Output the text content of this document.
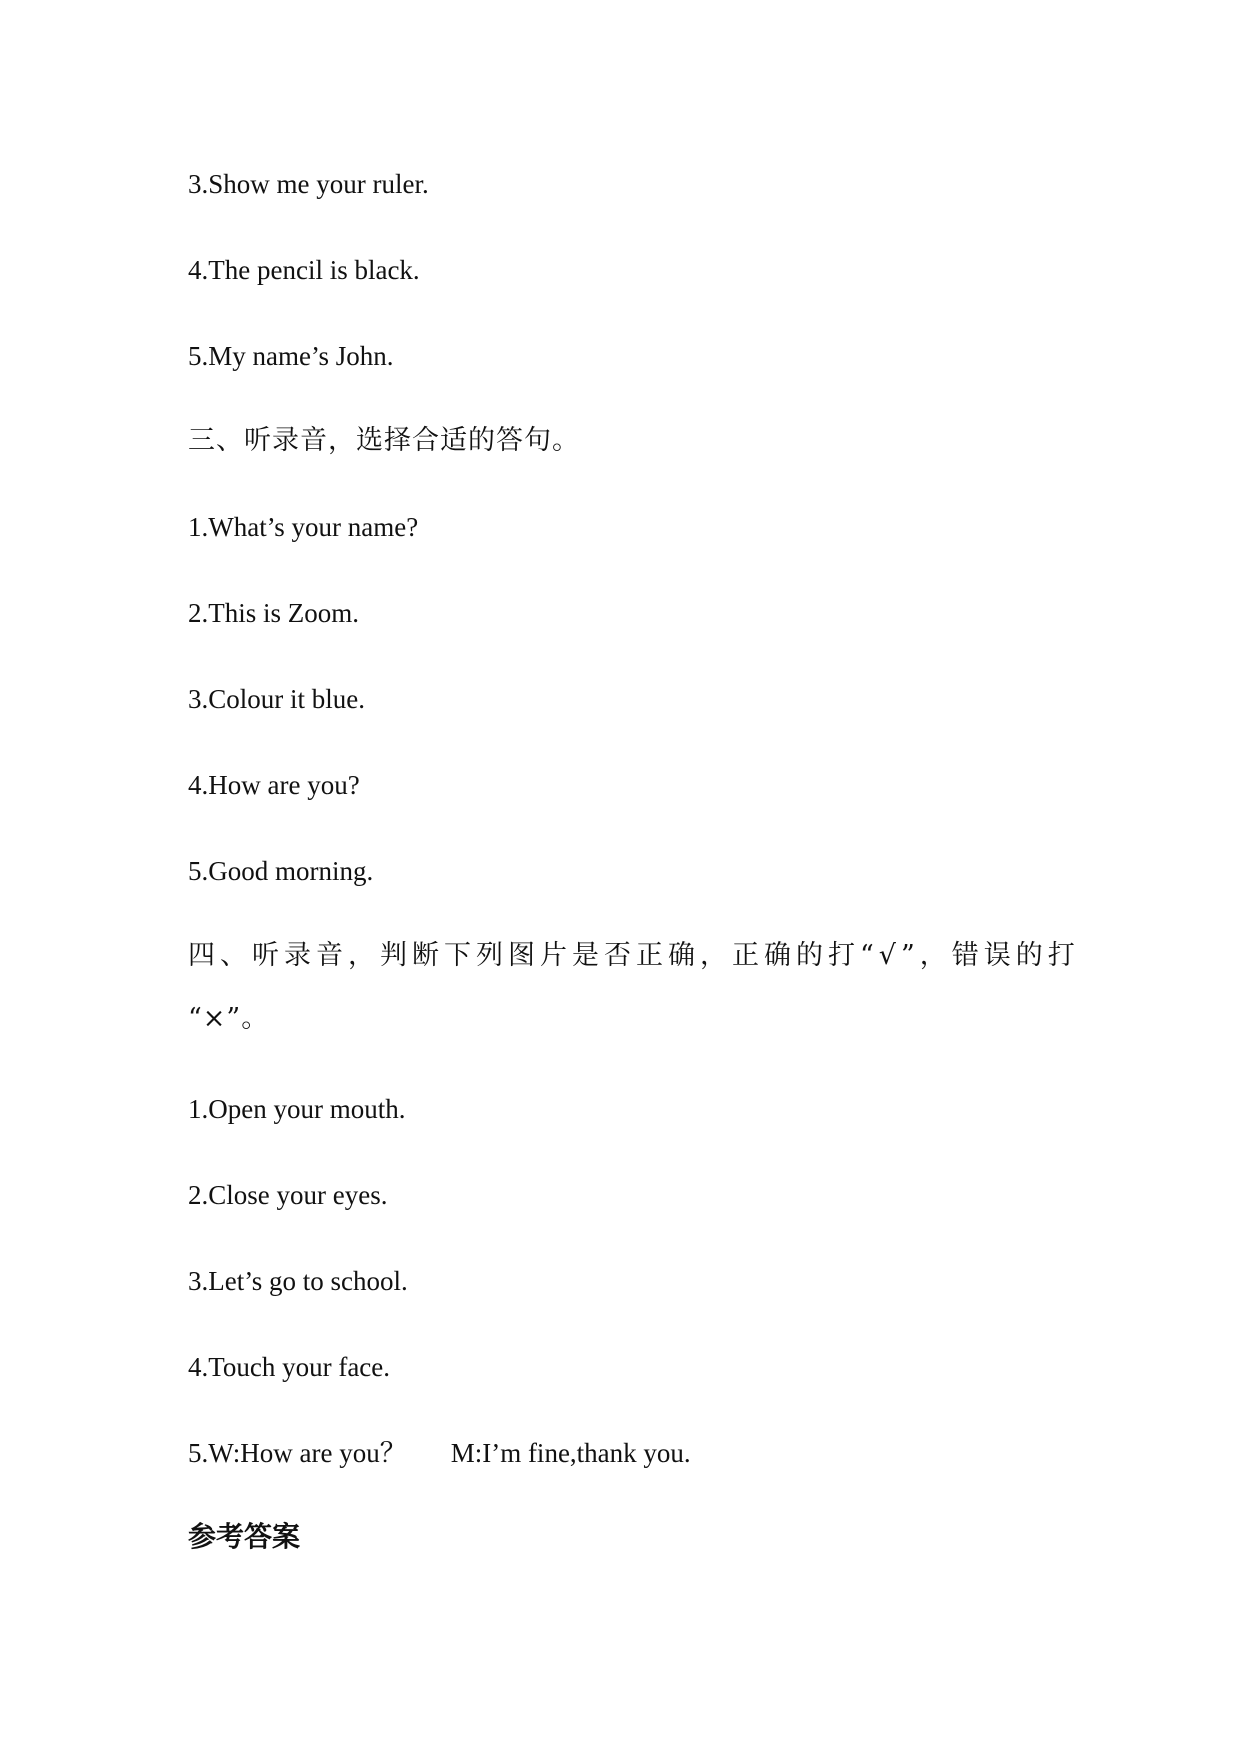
3.Show me your ruler.
4.The pencil is black.
5.My name’s John.
三、听录音，选择合适的答句。
1.What’s your name?
2.This is Zoom.
3.Colour it blue.
4.How are you?
5.Good morning.
四、听录音，判断下列图片是否正确，正确的打“√”，错误的打
“×”。
1.Open your mouth.
2.Close your eyes.
3.Let’s go to school.
4.Touch your face.
5.W:How are you？ M:I’m fine,thank you.
参考答案
